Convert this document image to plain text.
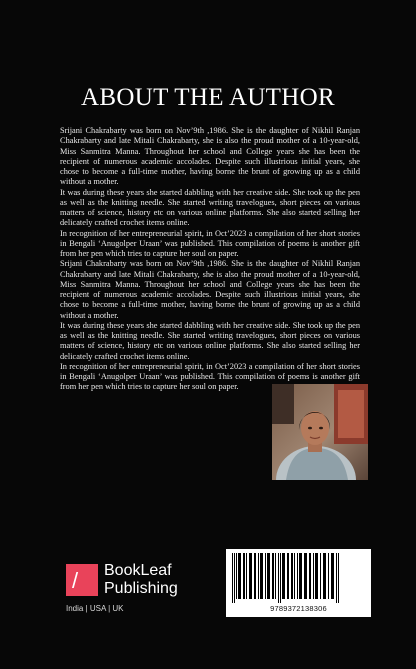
ABOUT THE AUTHOR

Srijani Chakrabarty was born on Nov’9th ,1986. She is the daughter of Nikhil Ranjan Chakrabarty and late Mitali Chakrabarty, she is also the proud mother of a 10-year-old, Miss Sanmitra Manna. Throughout her school and College years she has been the recipient of numerous academic accolades. Despite such illustrious initial years, she chose to become a full-time mother, having borne the brunt of growing up as a child without a mother.

It was during these years she started dabbling with her creative side. She took up the pen as well as the knitting needle. She started writing travelogues, short pieces on various matters of science, history etc on various online platforms. She also started selling her delicately crafted crochet items online.

In recognition of her entrepreneurial spirit, in Oct’2023 a compilation of her short stories in Bengali ‘Anugolper Uraan’ was published. This compilation of poems is another gift from her pen which tries to capture her soul on paper.

Srijani Chakrabarty was born on Nov’9th ,1986. She is the daughter of Nikhil Ranjan Chakrabarty and late Mitali Chakrabarty, she is also the proud mother of a 10-year-old, Miss Sanmitra Manna. Throughout her school and College years she has been the recipient of numerous academic accolades. Despite such illustrious initial years, she chose to become a full-time mother, having borne the brunt of growing up as a child without a mother.

It was during these years she started dabbling with her creative side. She took up the pen as well as the knitting needle. She started writing travelogues, short pieces on various matters of science, history etc on various online platforms. She also started selling her delicately crafted crochet items online.

In recognition of her entrepreneurial spirit, in Oct’2023 a compilation of her short stories in Bengali ‘Anugolper Uraan’ was published. This compilation of poems is another gift from her pen which tries to capture her soul on paper.

/ BookLeaf
Publishing
India | USA | UK	9789372138306
